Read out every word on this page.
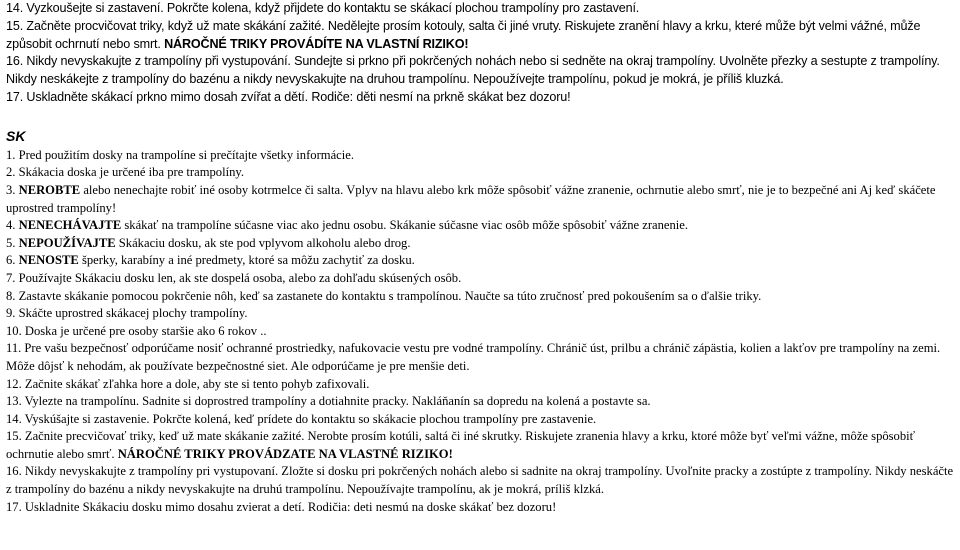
14. Vyzkoušejte si zastavení. Pokrčte kolena, když přijdete do kontaktu se skákací plochou trampolíny pro zastavení.

15. Začněte procvičovat triky, když už mate skákání zažité. Nedělejte prosím kotouly, salta či jiné vruty. Riskujete zranění hlavy a krku, které může být velmi vážné, může způsobit ochrnutí nebo smrt. NÁROČNÉ TRIKY PROVÁDÍTE NA VLASTNÍ RIZIKO!

16. Nikdy nevyskakujte z trampolíny při vystupování. Sundejte si prkno při pokrčených nohách nebo si sedněte na okraj trampolíny. Uvolněte přezky a sestupte z trampolíny. Nikdy neskákejte z trampolíny do bazénu a nikdy nevyskakujte na druhou trampolínu. Nepoužívejte trampolínu, pokud je mokrá, je příliš kluzká.

17. Uskladněte skákací prkno mimo dosah zvířat a dětí. Rodiče: děti nesmí na prkně skákat bez dozoru!

SK

1. Pred použitím dosky na trampolíne si prečítajte všetky informácie.

2. Skákacia doska je určené iba pre trampolíny.

3. NEROBTE alebo nenechajte robiť iné osoby kotrmelce či salta. Vplyv na hlavu alebo krk môže spôsobiť vážne zranenie, ochrnutie alebo smrť, nie je to bezpečné ani Aj keď skáčete uprostred trampolíny!

4. NENECHÁVAJTE skákať na trampolíne súčasne viac ako jednu osobu. Skákanie súčasne viac osôb môže spôsobiť vážne zranenie.

5. NEPOUŽÍVAJTE Skákaciu dosku, ak ste pod vplyvom alkoholu alebo drog.

6. NENOSTE šperky, karabíny a iné predmety, ktoré sa môžu zachytiť za dosku.

7. Používajte Skákaciu dosku len, ak ste dospelá osoba, alebo za dohľadu skúsených osôb.

8. Zastavte skákanie pomocou pokrčenie nôh, keď sa zastanete do kontaktu s trampolínou. Naučte sa túto zručnosť pred pokoušením sa o ďalšie triky.

9. Skáčte uprostred skákacej plochy trampolíny.

10. Doska je určené pre osoby staršie ako 6 rokov ..

11. Pre vašu bezpečnosť odporúčame nosiť ochranné prostriedky, nafukovacie vestu pre vodné trampolíny. Chránič úst, prilbu a chránič zápästia, kolien a lakťov pre trampolíny na zemi. Môže dôjsť k nehodám, ak používate bezpečnostné siet. Ale odporúčame je pre menšie deti.

12. Začnite skákať zľahka hore a dole, aby ste si tento pohyb zafixovali.

13. Vylezte na trampolínu. Sadnite si doprostred trampolíny a dotiahnite pracky. Nakláňanín sa dopredu na kolená a postavte sa.

14. Vyskúšajte si zastavenie. Pokrčte kolená, keď prídete do kontaktu so skákacie plochou trampolíny pre zastavenie.

15. Začnite precvičovať triky, keď už mate skákanie zažité. Nerobte prosím kotúli, saltá či iné skrutky. Riskujete zranenia hlavy a krku, ktoré môže byť veľmi vážne, môže spôsobiť ochrnutie alebo smrť. NÁROČNÉ TRIKY PROVÁDZATE NA VLASTNÉ RIZIKO!

16. Nikdy nevyskakujte z trampolíny pri vystupovaní. Zložte si dosku pri pokrčených nohách alebo si sadnite na okraj trampolíny. Uvoľnite pracky a zostúpte z trampolíny. Nikdy neskáčte z trampolíny do bazénu a nikdy nevyskakujte na druhú trampolínu. Nepoužívajte trampolínu, ak je mokrá, príliš klzká.

17. Uskladnite Skákaciu dosku mimo dosahu zvierat a detí. Rodičia: deti nesmú na doske skákať bez dozoru!
